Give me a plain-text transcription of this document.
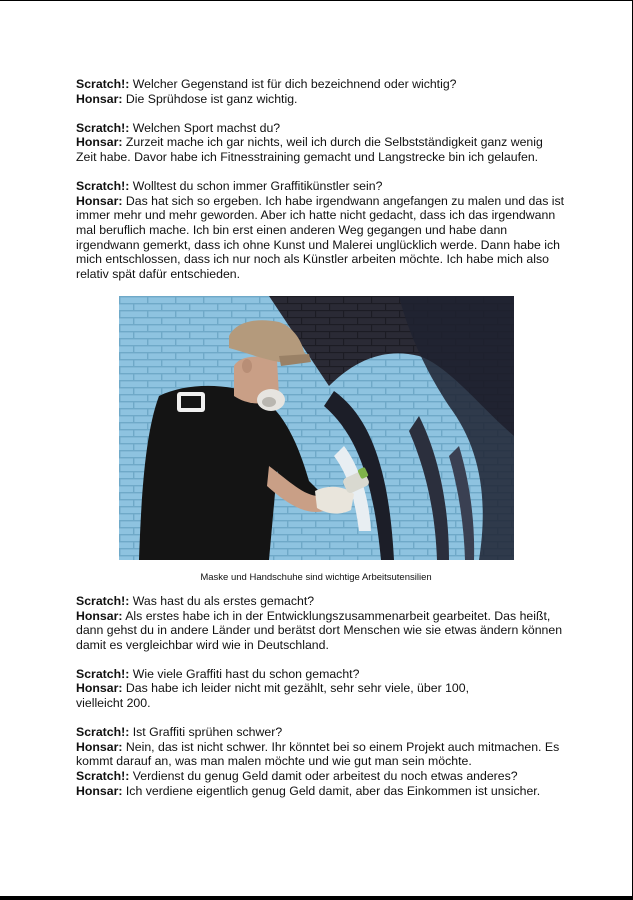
Scratch!: Welcher Gegenstand ist für dich bezeichnend oder wichtig?

Honsar: Die Sprühdose ist ganz wichtig.

Scratch!: Welchen Sport machst du?

Honsar: Zurzeit mache ich gar nichts, weil ich durch die Selbstständigkeit ganz wenig Zeit habe. Davor habe ich Fitnesstraining gemacht und Langstrecke bin ich gelaufen.

Scratch!: Wolltest du schon immer Graffitikünstler sein?

Honsar: Das hat sich so ergeben. Ich habe irgendwann angefangen zu malen und das ist immer mehr und mehr geworden. Aber ich hatte nicht gedacht, dass ich das irgendwann mal beruflich mache. Ich bin erst einen anderen Weg gegangen und habe dann irgendwann gemerkt, dass ich ohne Kunst und Malerei unglücklich werde. Dann habe ich mich entschlossen, dass ich nur noch als Künstler arbeiten möchte. Ich habe mich also relativ spät dafür entschieden.

Maske und Handschuhe sind wichtige Arbeitsutensilien

Scratch!: Was hast du als erstes gemacht?

Honsar: Als erstes habe ich in der Entwicklungszusammenarbeit gearbeitet. Das heißt, dann gehst du in andere Länder und berätst dort Menschen wie sie etwas ändern können damit es vergleichbar wird wie in Deutschland.

Scratch!: Wie viele Graffiti hast du schon gemacht?

Honsar: Das habe ich leider nicht mit gezählt, sehr sehr viele, über 100, vielleicht 200.

Scratch!: Ist Graffiti sprühen schwer?

Honsar: Nein, das ist nicht schwer. Ihr könntet bei so einem Projekt auch mitmachen. Es kommt darauf an, was man malen möchte und wie gut man sein möchte.

Scratch!: Verdienst du genug Geld damit oder arbeitest du noch etwas anderes?

Honsar: Ich verdiene eigentlich genug Geld damit, aber das Einkommen ist unsicher.
